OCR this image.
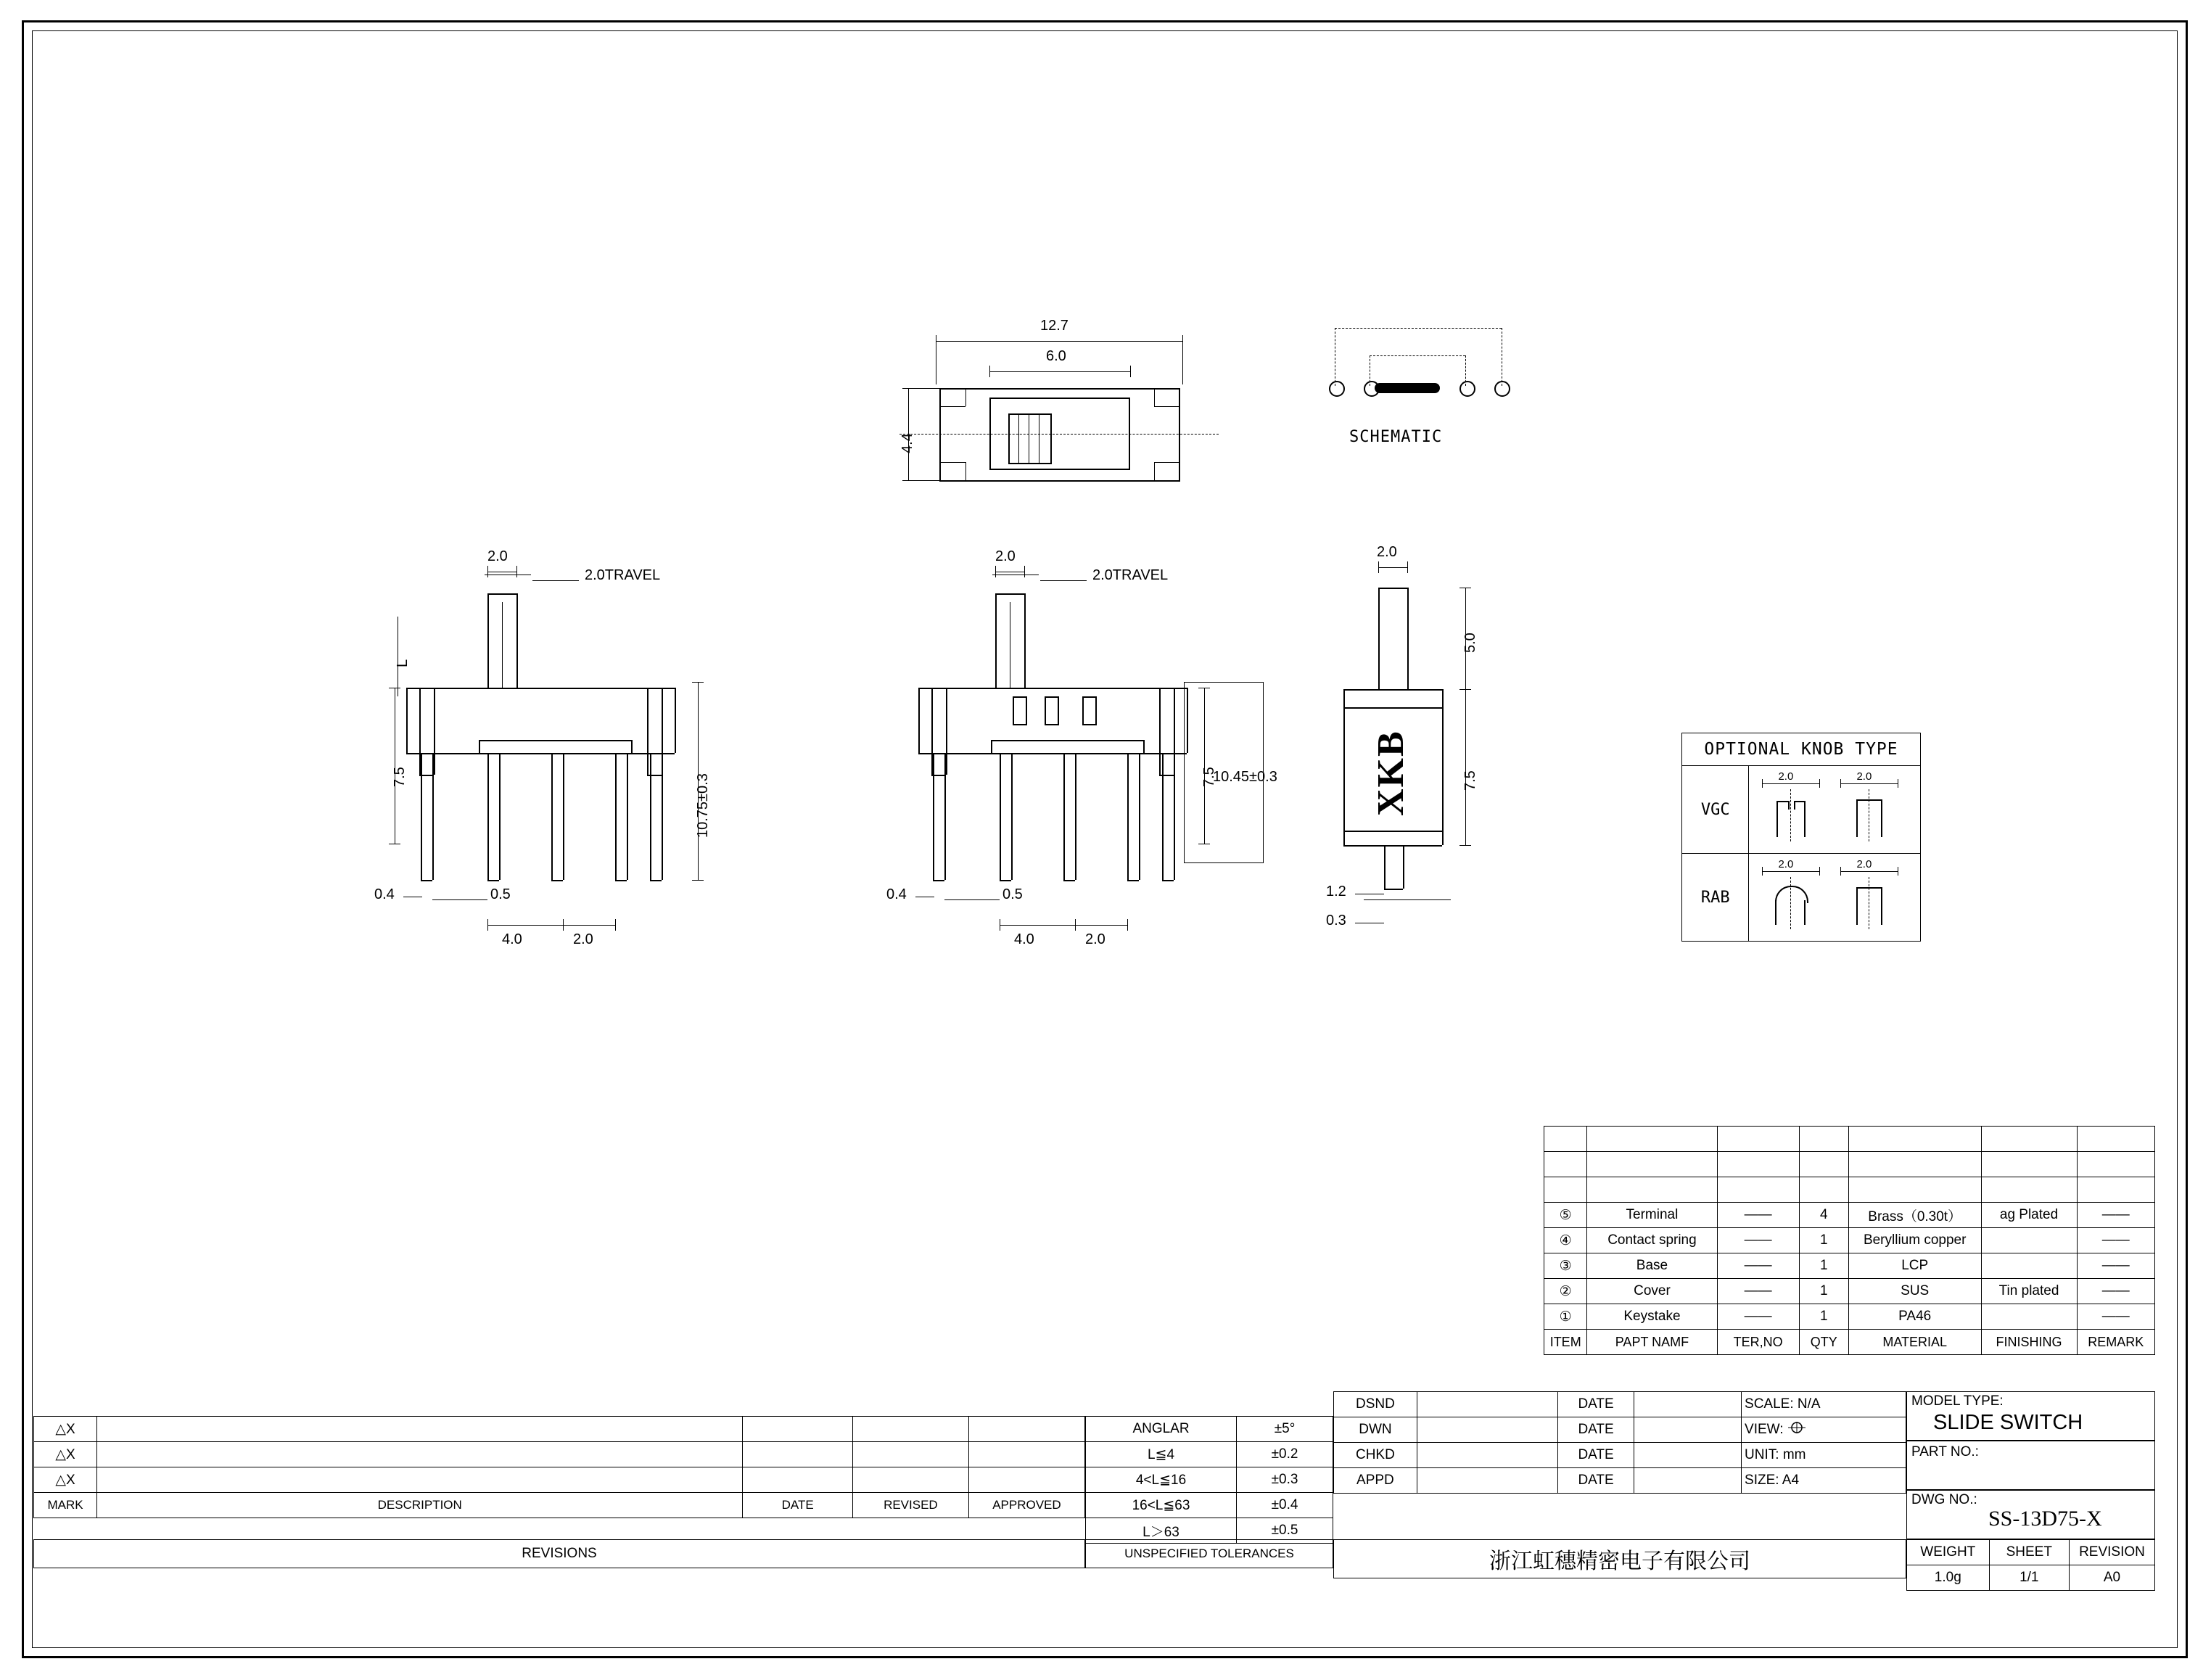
12.7
6.0
4.4	SCHEMATIC
2.0
2.0TRAVEL
L
7.5	10.75±0.3
0.4	0.5
4.0	2.0
2.0
2.0TRAVEL
7.5
10.45±0.3
0.4	0.5
4.0	2.0
2.0
XKB
5.0
7.5
1.2
0.3
OPTIONAL KNOB TYPE	
VGC	2.0 2.0

RAB	2.0 2.0

⑤	Terminal	——	4	Brass（0.30t）	ag Plated	——
④	Contact spring	——	1	Beryllium copper		——
③	Base	——	1	LCP		——
②	Cover	——	1	SUS	Tin plated	——
①	Keystake	——	1	PA46		——
ITEM	PAPT NAMF	TER,NO	QTY	MATERIAL	FINISHING	REMARK
DSND		DATE		SCALE: N/A
DWN		DATE		VIEW:
CHKD		DATE		UNIT: mm
APPD		DATE		SIZE: A4
MODEL TYPE:
SLIDE SWITCH
PART NO.:
DWG NO.:
SS-13D75-X
浙江虹穗精密电子有限公司	WEIGHT	SHEET	REVISION
1.0g	1/1	A0
△X				
△X				
△X				
MARK	DESCRIPTION	DATE	REVISED	APPROVED
REVISIONS
ANGLAR	±5°
L≦4	±0.2
4<L≦16	±0.3
16<L≦63	±0.4
L＞63	±0.5
UNSPECIFIED TOLERANCES
